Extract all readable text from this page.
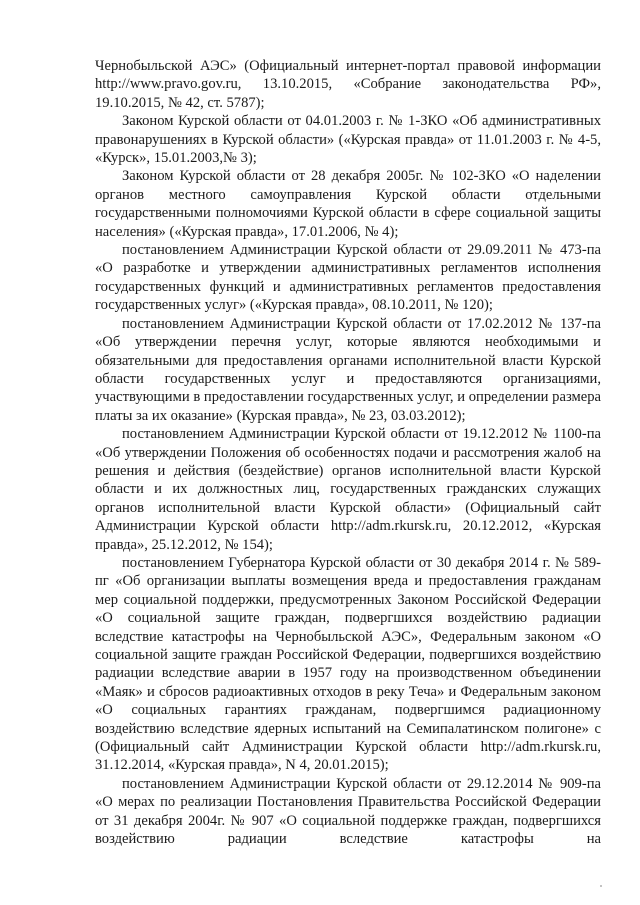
Чернобыльской АЭС» (Официальный интернет-портал правовой информации http://www.pravo.gov.ru, 13.10.2015, «Собрание законодательства РФ», 19.10.2015, № 42, ст. 5787);

Законом Курской области от 04.01.2003 г. № 1-ЗКО «Об административных правонарушениях в Курской области» («Курская правда» от 11.01.2003 г. № 4-5, «Курск», 15.01.2003,№ 3);

Законом Курской области от 28 декабря 2005г. № 102-ЗКО «О наделении органов местного самоуправления Курской области отдельными государственными полномочиями Курской области в сфере социальной защиты населения» («Курская правда», 17.01.2006, № 4);

постановлением Администрации Курской области от 29.09.2011 № 473-па «О разработке и утверждении административных регламентов исполнения государственных функций и административных регламентов предоставления государственных услуг» («Курская правда», 08.10.2011, № 120);

постановлением Администрации Курской области от 17.02.2012 № 137-па «Об утверждении перечня услуг, которые являются необходимыми и обязательными для предоставления органами исполнительной власти Курской области государственных услуг и предоставляются организациями, участвующими в предоставлении государственных услуг, и определении размера платы за их оказание» (Курская правда», № 23, 03.03.2012);

постановлением Администрации Курской области от 19.12.2012 № 1100-па «Об утверждении Положения об особенностях подачи и рассмотрения жалоб на решения и действия (бездействие) органов исполнительной власти Курской области и их должностных лиц, государственных гражданских служащих органов исполнительной власти Курской области» (Официальный сайт Администрации Курской области http://adm.rkursk.ru, 20.12.2012, «Курская правда», 25.12.2012, № 154);

постановлением Губернатора Курской области от 30 декабря 2014 г. № 589-пг «Об организации выплаты возмещения вреда и предоставления гражданам мер социальной поддержки, предусмотренных Законом Российской Федерации «О социальной защите граждан, подвергшихся воздействию радиации вследствие катастрофы на Чернобыльской АЭС», Федеральным законом «О социальной защите граждан Российской Федерации, подвергшихся воздействию радиации вследствие аварии в 1957 году на производственном объединении «Маяк» и сбросов радиоактивных отходов в реку Теча» и Федеральным законом «О социальных гарантиях гражданам, подвергшимся радиационному воздействию вследствие ядерных испытаний на Семипалатинском полигоне» с (Официальный сайт Администрации Курской области http://adm.rkursk.ru, 31.12.2014, «Курская правда», N 4, 20.01.2015);

постановлением Администрации Курской области от 29.12.2014 № 909-па «О мерах по реализации Постановления Правительства Российской Федерации от 31 декабря 2004г. № 907 «О социальной поддержке граждан, подвергшихся воздействию радиации вследствие катастрофы на
